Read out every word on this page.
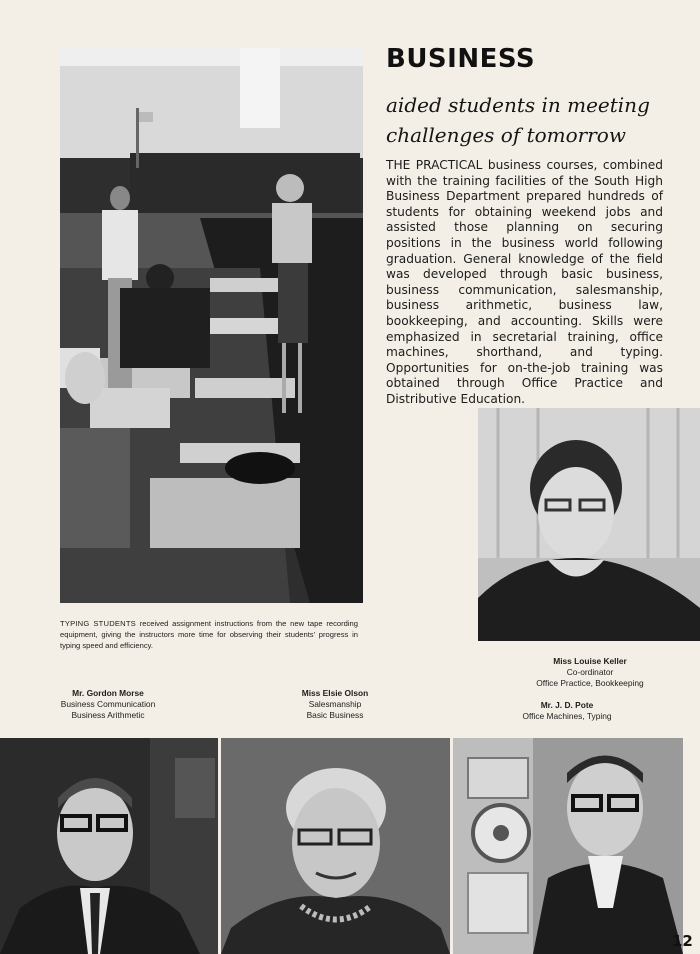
BUSINESS
aided students in meeting
challenges of tomorrow
THE PRACTICAL business courses, combined with the training facilities of the South High Business Department prepared hundreds of students for obtaining weekend jobs and assisted those planning on securing positions in the business world following graduation. General knowledge of the field was developed through basic business, business communication, salesmanship, business arithmetic, business law, bookkeeping, and accounting. Skills were emphasized in secretarial training, office machines, shorthand, and typing. Opportunities for on-the-job training was obtained through Office Practice and Distributive Education.
TYPING STUDENTS received assignment instructions from the new tape recording equipment, giving the instructors more time for observing their students' progress in typing speed and efficiency.
Miss Louise Keller
Co-ordinator
Office Practice, Bookkeeping
Mr. J. D. Pote
Office Machines, Typing
Mr. Gordon Morse
Business Communication
Business Arithmetic
Miss Elsie Olson
Salesmanship
Basic Business
12
